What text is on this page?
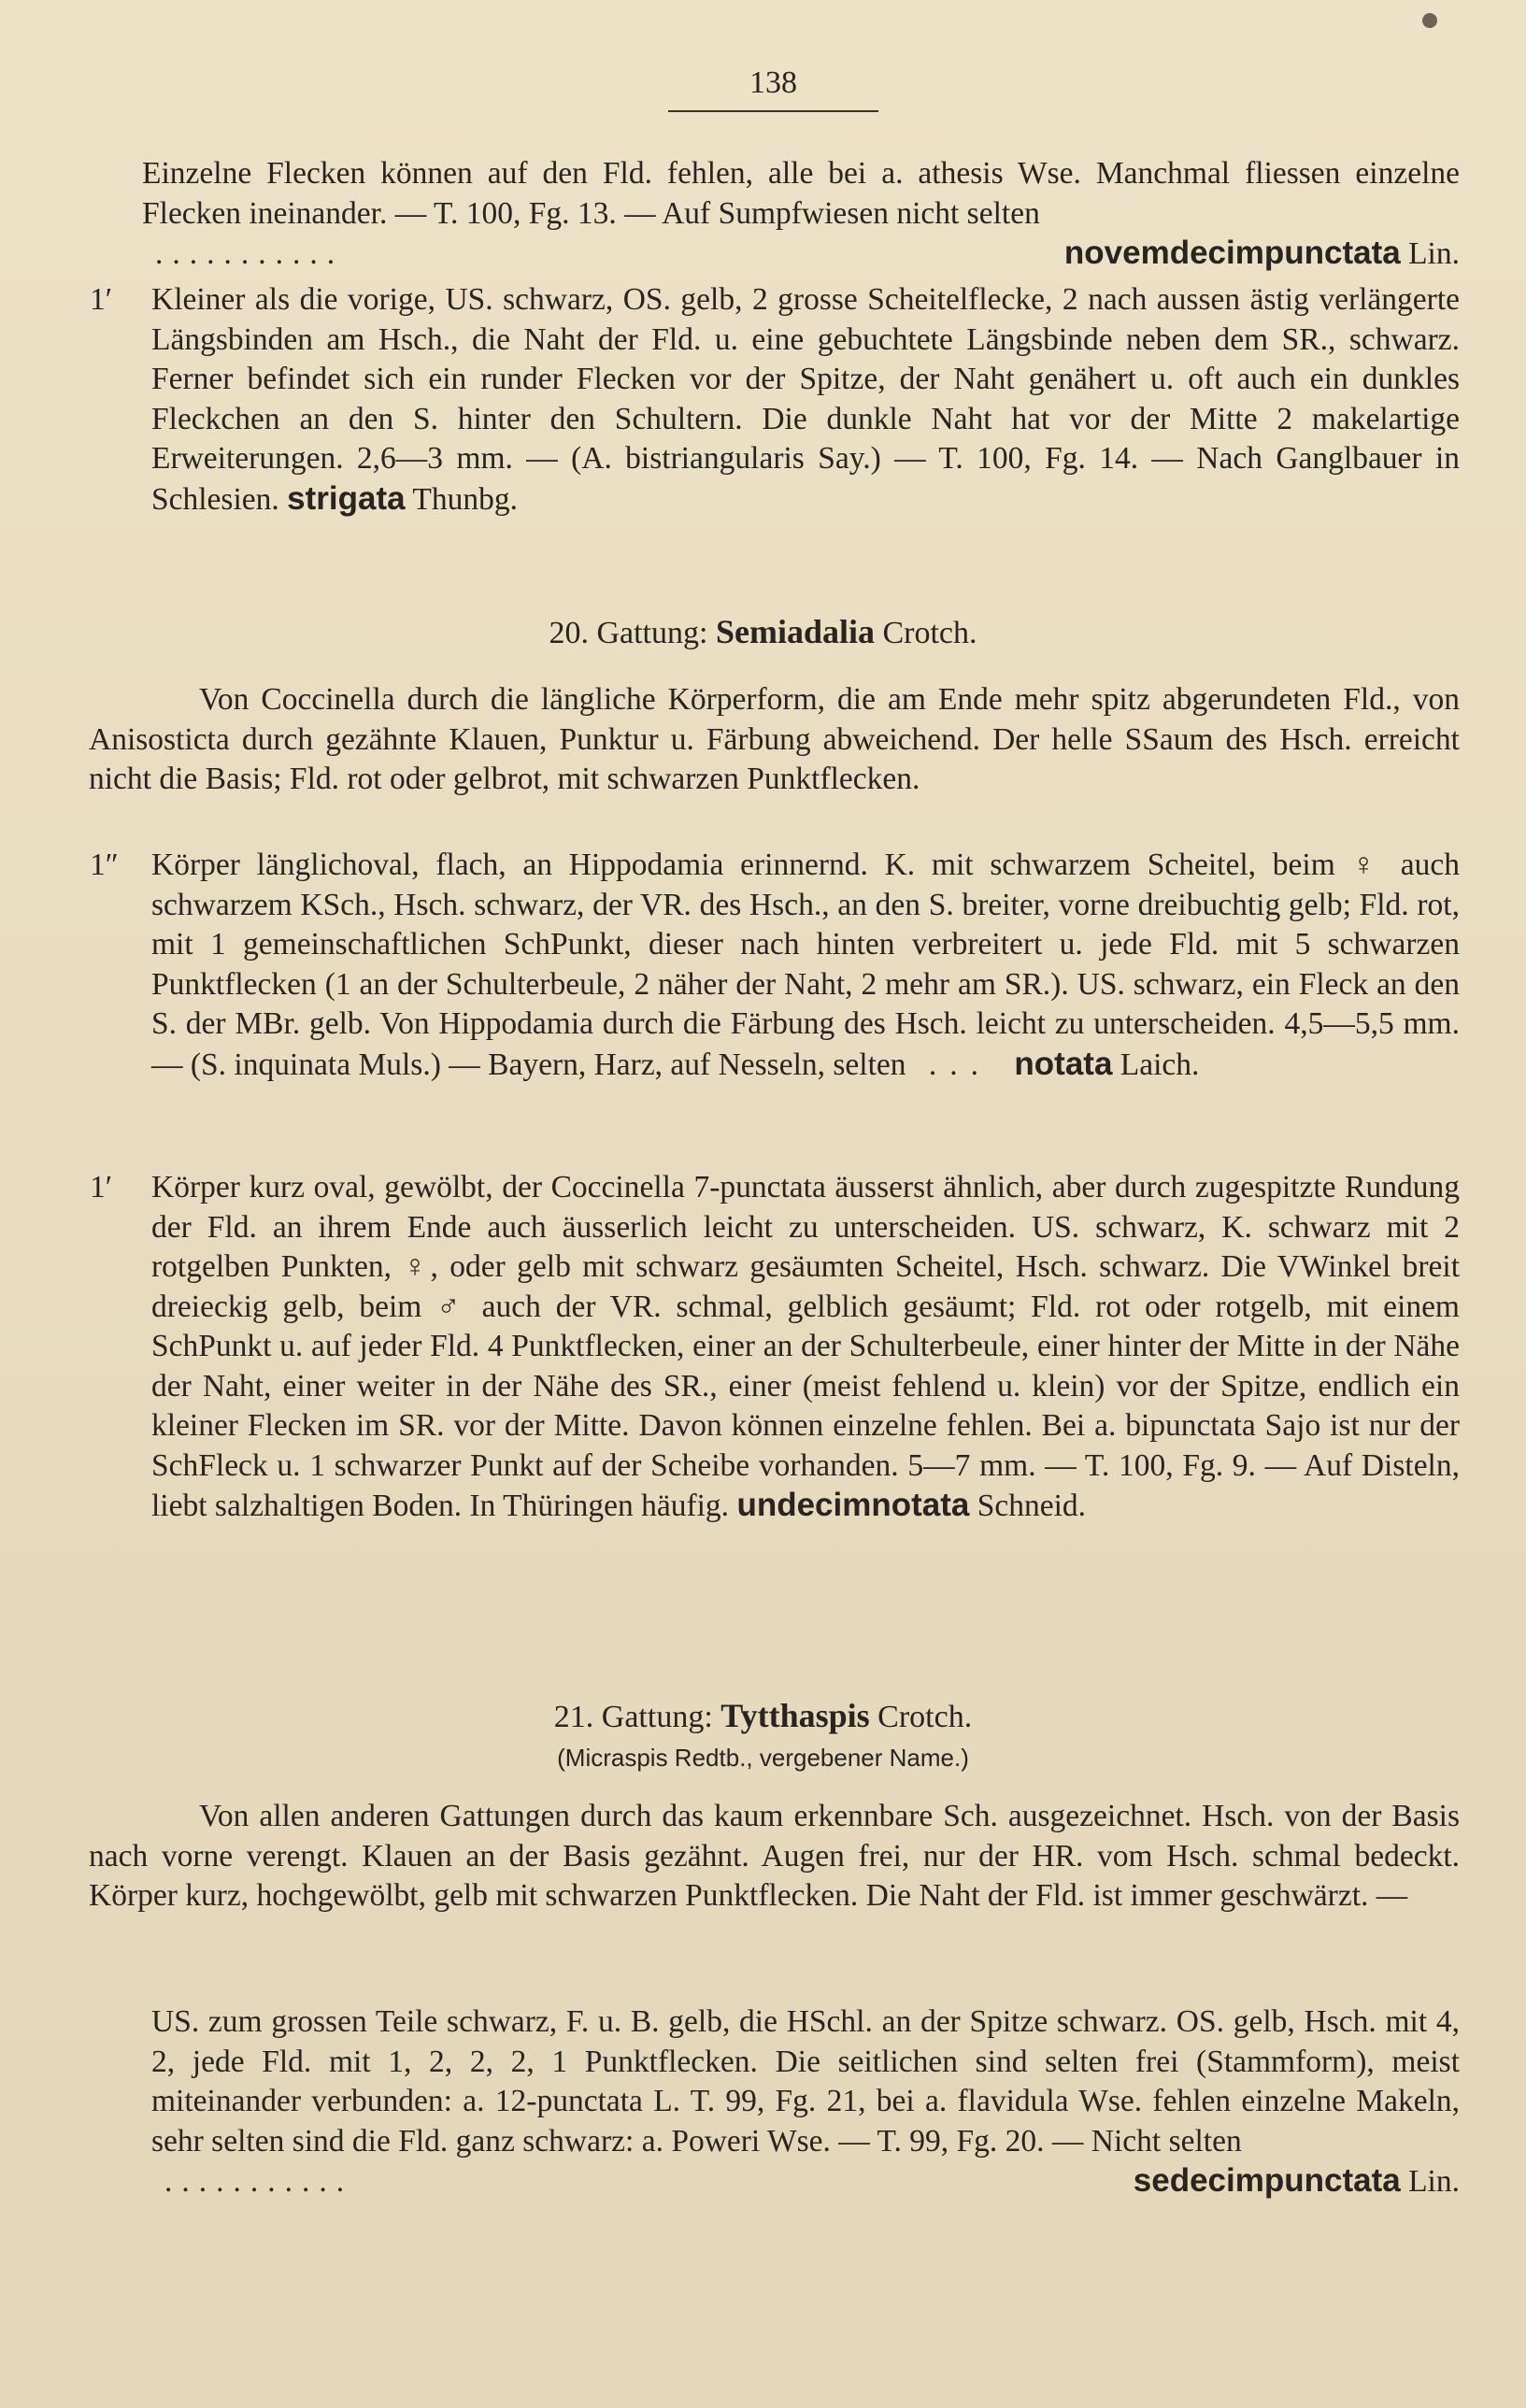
138
Einzelne Flecken können auf den Fld. fehlen, alle bei a. athesis Wse. Manchmal fliessen einzelne Flecken ineinander. — T. 100, Fg. 13. — Auf Sumpfwiesen nicht selten
...........	novemdecimpunctata Lin.
1′ Kleiner als die vorige, US. schwarz, OS. gelb, 2 grosse Scheitelflecke, 2 nach aussen ästig verlängerte Längsbinden am Hsch., die Naht der Fld. u. eine gebuchtete Längsbinde neben dem SR., schwarz. Ferner befindet sich ein runder Flecken vor der Spitze, der Naht genähert u. oft auch ein dunkles Fleckchen an den S. hinter den Schultern. Die dunkle Naht hat vor der Mitte 2 makelartige Erweiterungen. 2,6—3 mm. — (A. bistriangularis Say.) — T. 100, Fg. 14. — Nach Ganglbauer in Schlesien. strigata Thunbg.
20. Gattung: Semiadalia Crotch.
Von Coccinella durch die längliche Körperform, die am Ende mehr spitz abgerundeten Fld., von Anisosticta durch gezähnte Klauen, Punktur u. Färbung abweichend. Der helle SSaum des Hsch. erreicht nicht die Basis; Fld. rot oder gelbrot, mit schwarzen Punktflecken.
1″ Körper länglichoval, flach, an Hippodamia erinnernd. K. mit schwarzem Scheitel, beim ♀ auch schwarzem KSch., Hsch. schwarz, der VR. des Hsch., an den S. breiter, vorne dreibuchtig gelb; Fld. rot, mit 1 gemeinschaftlichen SchPunkt, dieser nach hinten verbreitert u. jede Fld. mit 5 schwarzen Punktflecken (1 an der Schulterbeule, 2 näher der Naht, 2 mehr am SR.). US. schwarz, ein Fleck an den S. der MBr. gelb. Von Hippodamia durch die Färbung des Hsch. leicht zu unterscheiden. 4,5—5,5 mm. — (S. inquinata Muls.) — Bayern, Harz, auf Nesseln, selten ... notata Laich.
1′ Körper kurz oval, gewölbt, der Coccinella 7-punctata äusserst ähnlich, aber durch zugespitzte Rundung der Fld. an ihrem Ende auch äusserlich leicht zu unterscheiden. US. schwarz, K. schwarz mit 2 rotgelben Punkten, ♀, oder gelb mit schwarz gesäumten Scheitel, Hsch. schwarz. Die VWinkel breit dreieckig gelb, beim ♂ auch der VR. schmal, gelblich gesäumt; Fld. rot oder rotgelb, mit einem SchPunkt u. auf jeder Fld. 4 Punktflecken, einer an der Schulterbeule, einer hinter der Mitte in der Nähe der Naht, einer weiter in der Nähe des SR., einer (meist fehlend u. klein) vor der Spitze, endlich ein kleiner Flecken im SR. vor der Mitte. Davon können einzelne fehlen. Bei a. bipunctata Sajo ist nur der SchFleck u. 1 schwarzer Punkt auf der Scheibe vorhanden. 5—7 mm. — T. 100, Fg. 9. — Auf Disteln, liebt salzhaltigen Boden. In Thüringen häufig. undecimnotata Schneid.
21. Gattung: Tytthaspis Crotch.
(Micraspis Redtb., vergebener Name.)
Von allen anderen Gattungen durch das kaum erkennbare Sch. ausgezeichnet. Hsch. von der Basis nach vorne verengt. Klauen an der Basis gezähnt. Augen frei, nur der HR. vom Hsch. schmal bedeckt. Körper kurz, hochgewölbt, gelb mit schwarzen Punktflecken. Die Naht der Fld. ist immer geschwärzt. —
US. zum grossen Teile schwarz, F. u. B. gelb, die HSchl. an der Spitze schwarz. OS. gelb, Hsch. mit 4, 2, jede Fld. mit 1, 2, 2, 2, 1 Punktflecken. Die seitlichen sind selten frei (Stammform), meist miteinander verbunden: a. 12-punctata L. T. 99, Fg. 21, bei a. flavidula Wse. fehlen einzelne Makeln, sehr selten sind die Fld. ganz schwarz: a. Poweri Wse. — T. 99, Fg. 20. — Nicht selten
...........	sedecimpunctata Lin.
